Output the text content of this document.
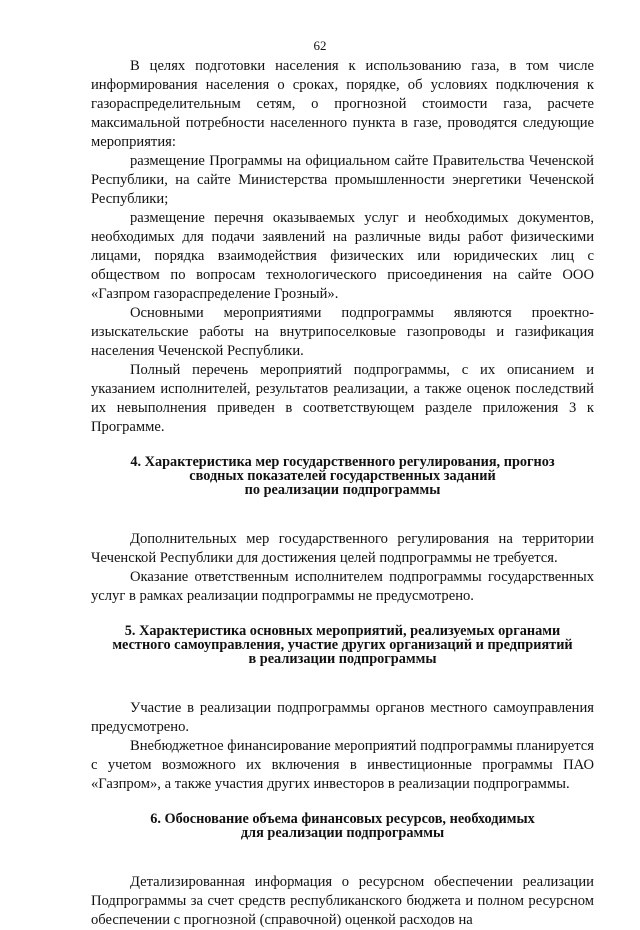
62

В целях подготовки населения к использованию газа, в том числе информирования населения о сроках, порядке, об условиях подключения к газораспределительным сетям, о прогнозной стоимости газа, расчете максимальной потребности населенного пункта в газе, проводятся следующие мероприятия:

размещение Программы на официальном сайте Правительства Чеченской Республики, на сайте Министерства промышленности энергетики Чеченской Республики;

размещение перечня оказываемых услуг и необходимых документов, необходимых для подачи заявлений на различные виды работ физическими лицами, порядка взаимодействия физических или юридических лиц с обществом по вопросам технологического присоединения на сайте ООО «Газпром газораспределение Грозный».

Основными мероприятиями подпрограммы являются проектно-изыскательские работы на внутрипоселковые газопроводы и газификация населения Чеченской Республики.

Полный перечень мероприятий подпрограммы, с их описанием и указанием исполнителей, результатов реализации, а также оценок последствий их невыполнения приведен в соответствующем разделе приложения 3 к Программе.

4. Характеристика мер государственного регулирования, прогноз
сводных показателей государственных заданий
по реализации подпрограммы

Дополнительных мер государственного регулирования на территории Чеченской Республики для достижения целей подпрограммы не требуется.

Оказание ответственным исполнителем подпрограммы государственных услуг в рамках реализации подпрограммы не предусмотрено.

5. Характеристика основных мероприятий, реализуемых органами
местного самоуправления, участие других организаций и предприятий
в реализации подпрограммы

Участие в реализации подпрограммы органов местного самоуправления предусмотрено.

Внебюджетное финансирование мероприятий подпрограммы планируется с учетом возможного их включения в инвестиционные программы ПАО «Газпром», а также участия других инвесторов в реализации подпрограммы.

6. Обоснование объема финансовых ресурсов, необходимых
для реализации подпрограммы

Детализированная информация о ресурсном обеспечении реализации Подпрограммы за счет средств республиканского бюджета и полном ресурсном обеспечении с прогнозной (справочной) оценкой расходов на
